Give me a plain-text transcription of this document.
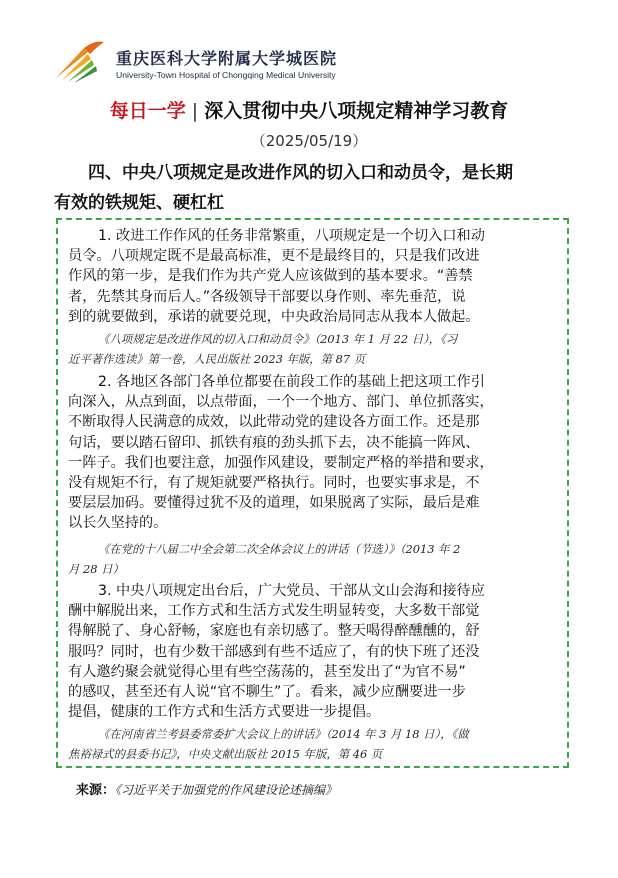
重庆医科大学附属大学城医院
University-Town Hospital of Chongqing Medical University
每日一学 | 深入贯彻中央八项规定精神学习教育
（2025/05/19）
四、中央八项规定是改进作风的切入口和动员令，是长期
有效的铁规矩、硬杠杠
1. 改进工作作风的任务非常繁重，八项规定是一个切入口和动
员令。八项规定既不是最高标准，更不是最终目的，只是我们改进
作风的第一步，是我们作为共产党人应该做到的基本要求。“善禁
者，先禁其身而后人。”各级领导干部要以身作则、率先垂范，说
到的就要做到，承诺的就要兑现，中央政治局同志从我本人做起。
《八项规定是改进作风的切入口和动员令》（2013 年 1 月 22 日），《习
近平著作选读》第一卷，人民出版社 2023 年版，第 87 页
2. 各地区各部门各单位都要在前段工作的基础上把这项工作引
向深入，从点到面，以点带面，一个一个地方、部门、单位抓落实，
不断取得人民满意的成效，以此带动党的建设各方面工作。还是那
句话，要以踏石留印、抓铁有痕的劲头抓下去，决不能搞一阵风、
一阵子。我们也要注意，加强作风建设，要制定严格的举措和要求，
没有规矩不行，有了规矩就要严格执行。同时，也要实事求是，不
要层层加码。要懂得过犹不及的道理，如果脱离了实际，最后是难
以长久坚持的。
《在党的十八届二中全会第二次全体会议上的讲话（节选）》（2013 年 2
月 28 日）
3. 中央八项规定出台后，广大党员、干部从文山会海和接待应
酬中解脱出来，工作方式和生活方式发生明显转变，大多数干部觉
得解脱了、身心舒畅，家庭也有亲切感了。整天喝得醉醺醺的，舒
服吗？同时，也有少数干部感到有些不适应了，有的快下班了还没
有人邀约聚会就觉得心里有些空荡荡的，甚至发出了“为官不易”
的感叹，甚至还有人说“官不聊生”了。看来，减少应酬要进一步
提倡，健康的工作方式和生活方式要进一步提倡。
《在河南省兰考县委常委扩大会议上的讲话》（2014 年 3 月 18 日），《做
焦裕禄式的县委书记》，中央文献出版社 2015 年版，第 46 页
来源：《习近平关于加强党的作风建设论述摘编》
